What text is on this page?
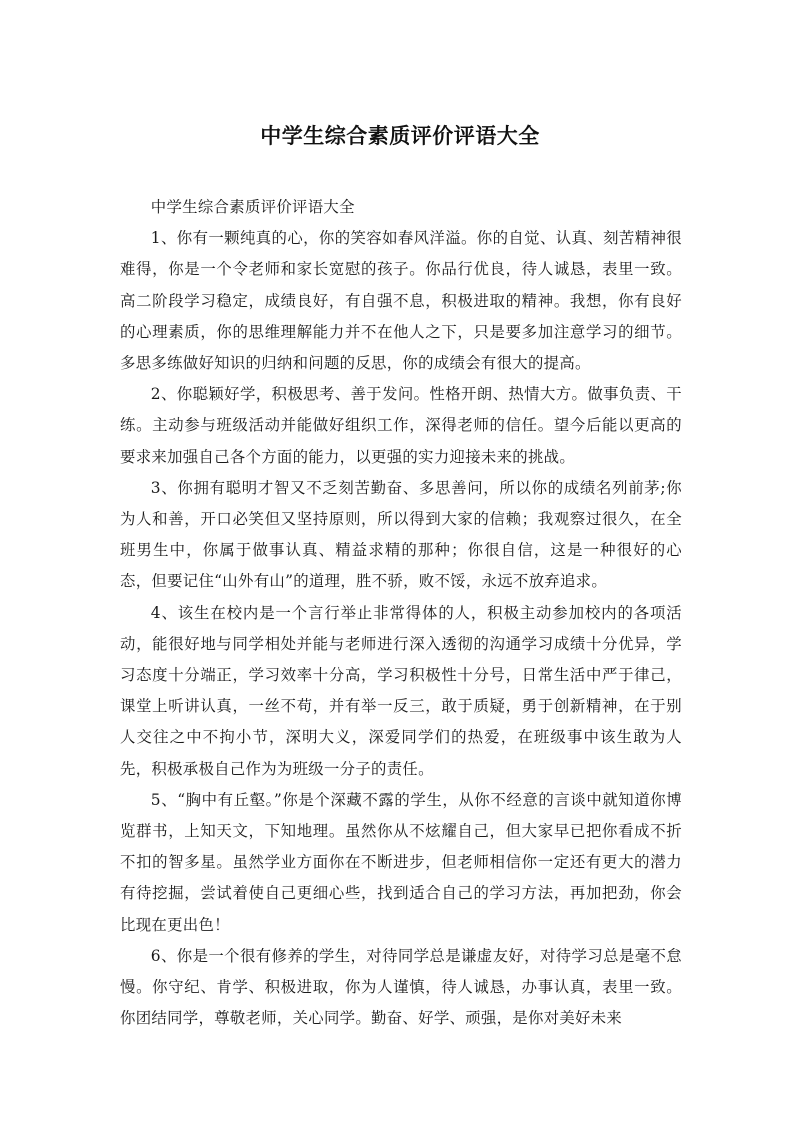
中学生综合素质评价评语大全

中学生综合素质评价评语大全

1、你有一颗纯真的心，你的笑容如春风洋溢。你的自觉、认真、刻苦精神很难得，你是一个令老师和家长宽慰的孩子。你品行优良，待人诚恳，表里一致。高二阶段学习稳定，成绩良好，有自强不息，积极进取的精神。我想，你有良好的心理素质，你的思维理解能力并不在他人之下，只是要多加注意学习的细节。多思多练做好知识的归纳和问题的反思，你的成绩会有很大的提高。

2、你聪颖好学，积极思考、善于发问。性格开朗、热情大方。做事负责、干练。主动参与班级活动并能做好组织工作，深得老师的信任。望今后能以更高的要求来加强自己各个方面的能力，以更强的实力迎接未来的挑战。

3、你拥有聪明才智又不乏刻苦勤奋、多思善问，所以你的成绩名列前茅;你为人和善，开口必笑但又坚持原则，所以得到大家的信赖；我观察过很久，在全班男生中，你属于做事认真、精益求精的那种；你很自信，这是一种很好的心态，但要记住“山外有山”的道理，胜不骄，败不馁，永远不放弃追求。

4、该生在校内是一个言行举止非常得体的人，积极主动参加校内的各项活动，能很好地与同学相处并能与老师进行深入透彻的沟通学习成绩十分优异，学习态度十分端正，学习效率十分高，学习积极性十分号，日常生活中严于律己，课堂上听讲认真，一丝不苟，并有举一反三，敢于质疑，勇于创新精神，在于别人交往之中不拘小节，深明大义，深爱同学们的热爱，在班级事中该生敢为人先，积极承极自己作为为班级一分子的责任。

5、“胸中有丘壑。”你是个深藏不露的学生，从你不经意的言谈中就知道你博览群书，上知天文，下知地理。虽然你从不炫耀自己，但大家早已把你看成不折不扣的智多星。虽然学业方面你在不断进步，但老师相信你一定还有更大的潜力有待挖掘，尝试着使自己更细心些，找到适合自己的学习方法，再加把劲，你会比现在更出色！

6、你是一个很有修养的学生，对待同学总是谦虚友好，对待学习总是毫不怠慢。你守纪、肯学、积极进取，你为人谨慎，待人诚恳，办事认真，表里一致。你团结同学，尊敬老师，关心同学。勤奋、好学、顽强，是你对美好未来
